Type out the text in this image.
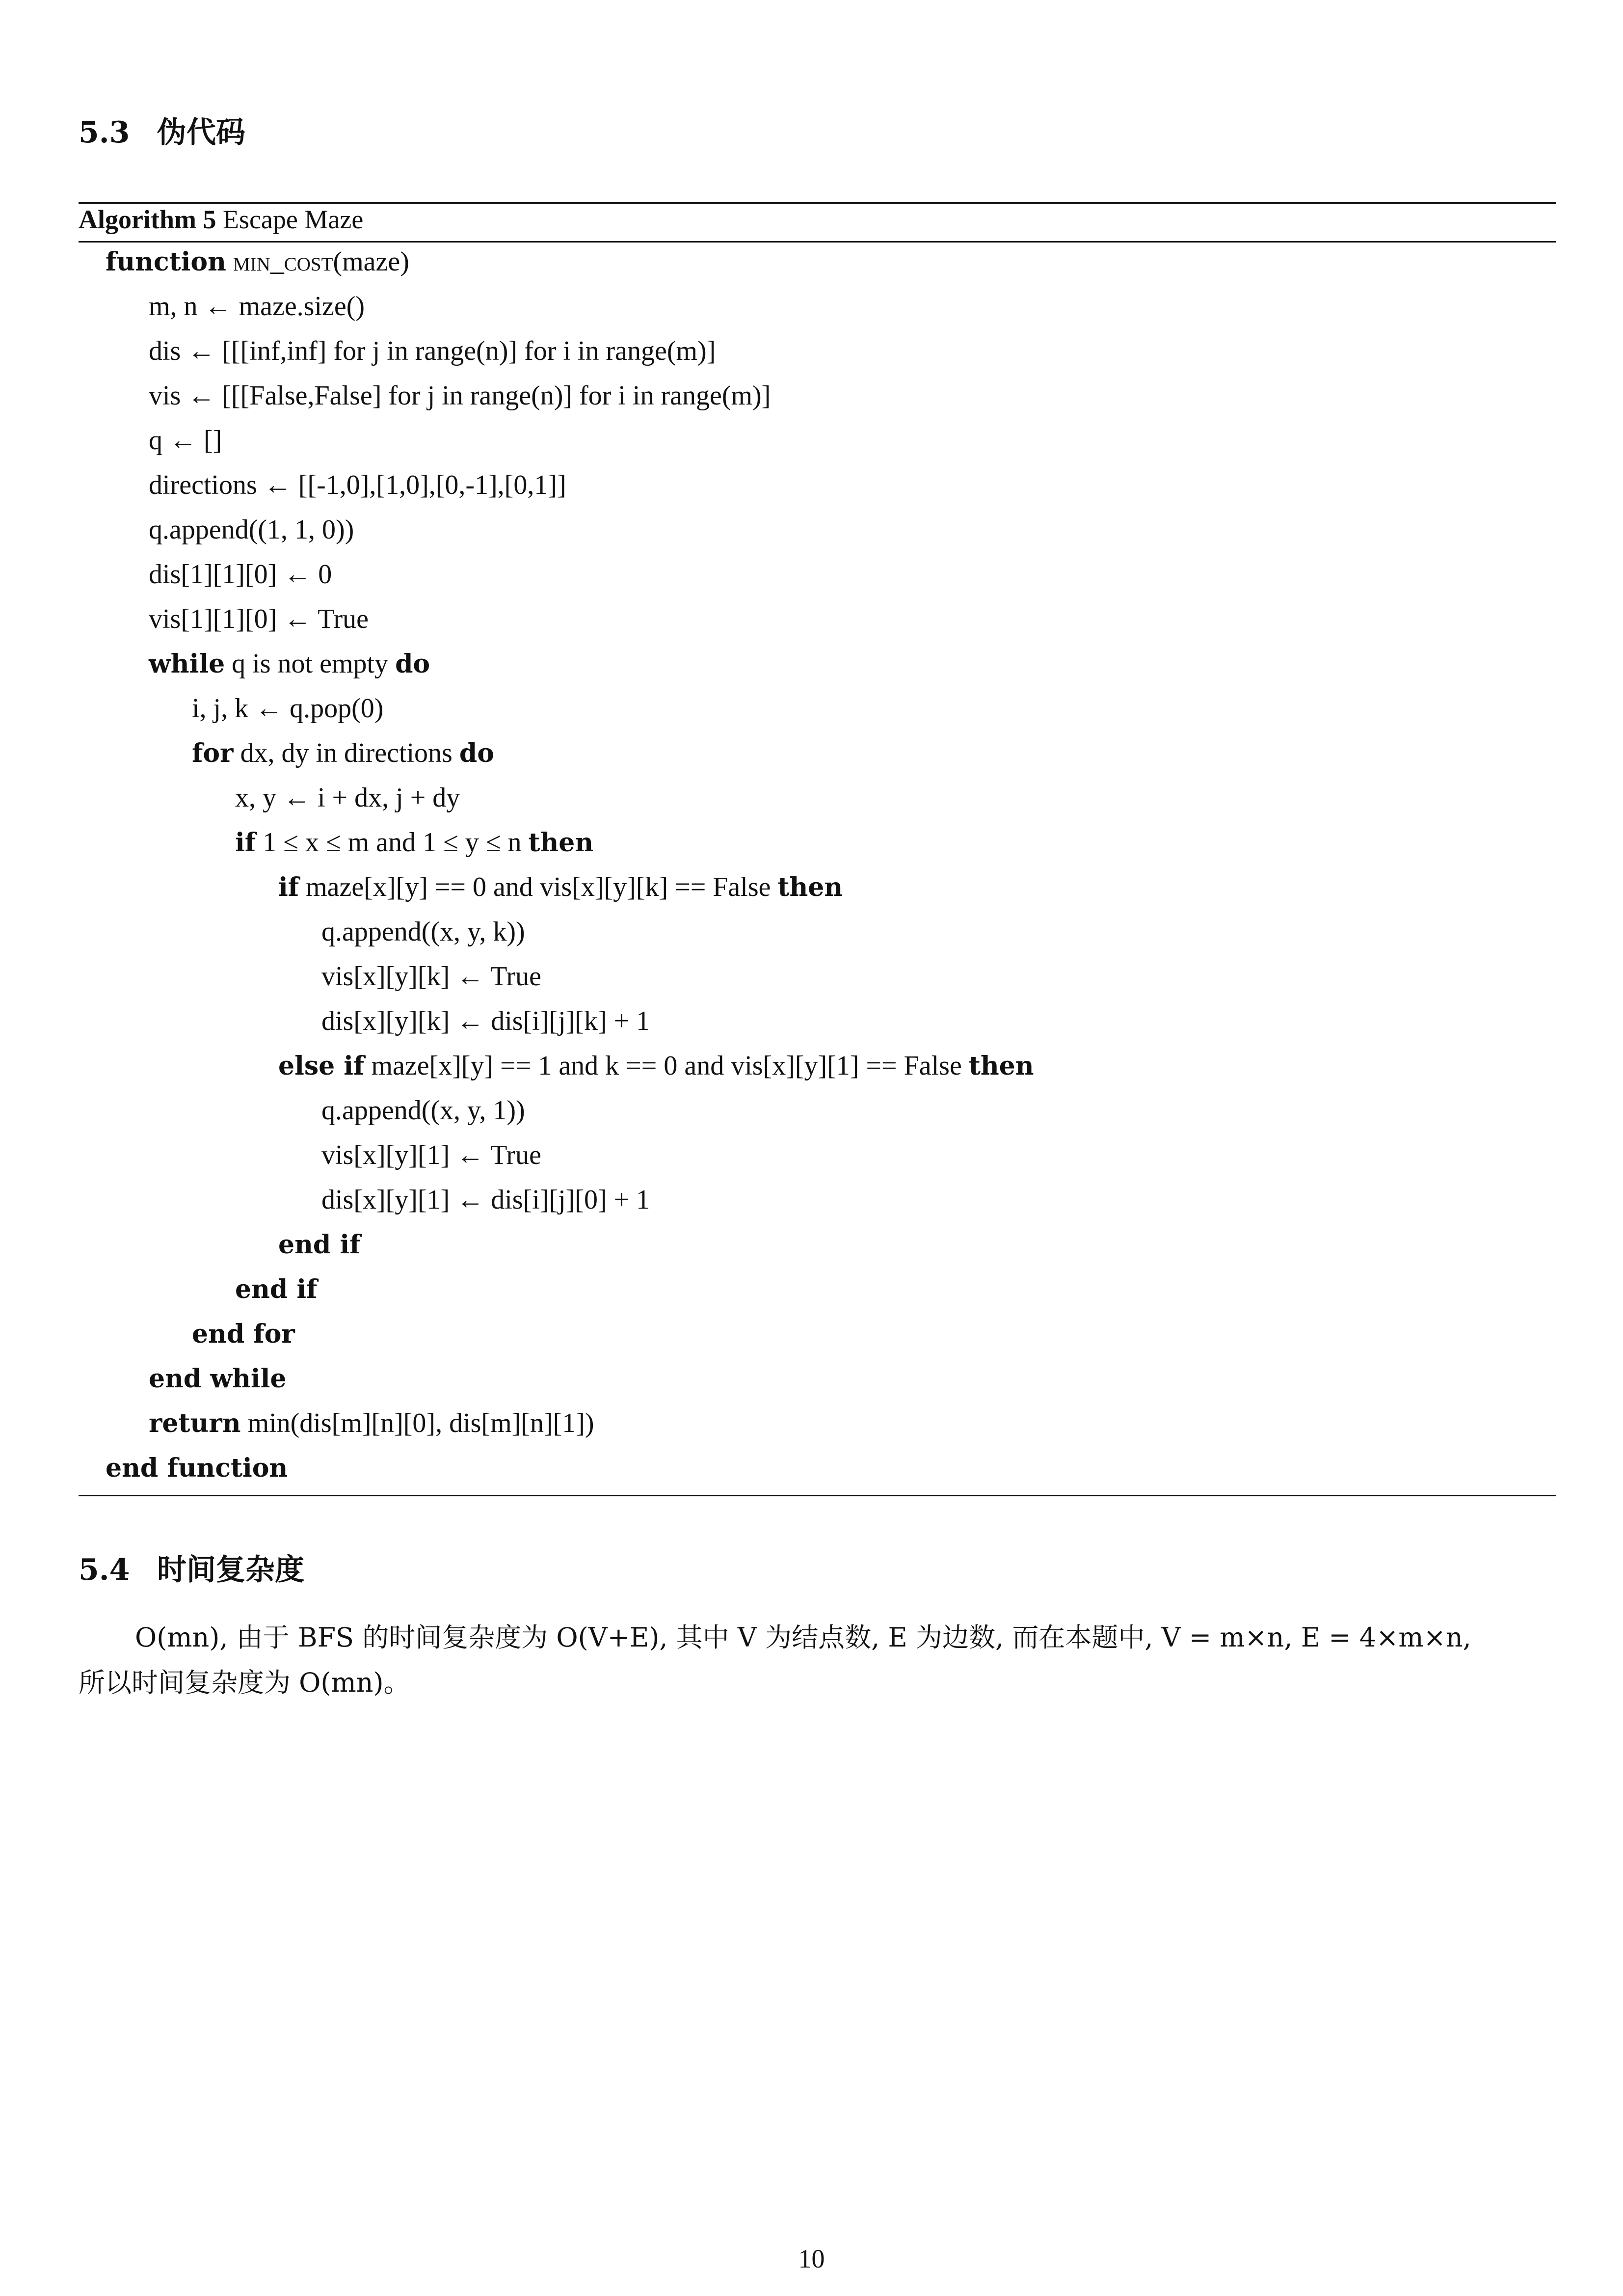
5.3 伪代码
Algorithm 5 Escape Maze
function min_cost(maze)
m, n ← maze.size()
dis ← [[[inf,inf] for j in range(n)] for i in range(m)]
vis ← [[[False,False] for j in range(n)] for i in range(m)]
q ← []
directions ← [[-1,0],[1,0],[0,-1],[0,1]]
q.append((1, 1, 0))
dis[1][1][0] ← 0
vis[1][1][0] ← True
while q is not empty do
i, j, k ← q.pop(0)
for dx, dy in directions do
x, y ← i + dx, j + dy
if 1 ≤ x ≤ m and 1 ≤ y ≤ n then
if maze[x][y] == 0 and vis[x][y][k] == False then
q.append((x, y, k))
vis[x][y][k] ← True
dis[x][y][k] ← dis[i][j][k] + 1
else if maze[x][y] == 1 and k == 0 and vis[x][y][1] == False then
q.append((x, y, 1))
vis[x][y][1] ← True
dis[x][y][1] ← dis[i][j][0] + 1
end if
end if
end for
end while
return min(dis[m][n][0], dis[m][n][1])
end function
5.4 时间复杂度
O(mn), 由于 BFS 的时间复杂度为 O(V+E), 其中 V 为结点数, E 为边数, 而在本题中, V = m×n, E = 4×m×n,
所以时间复杂度为 O(mn)。
10
